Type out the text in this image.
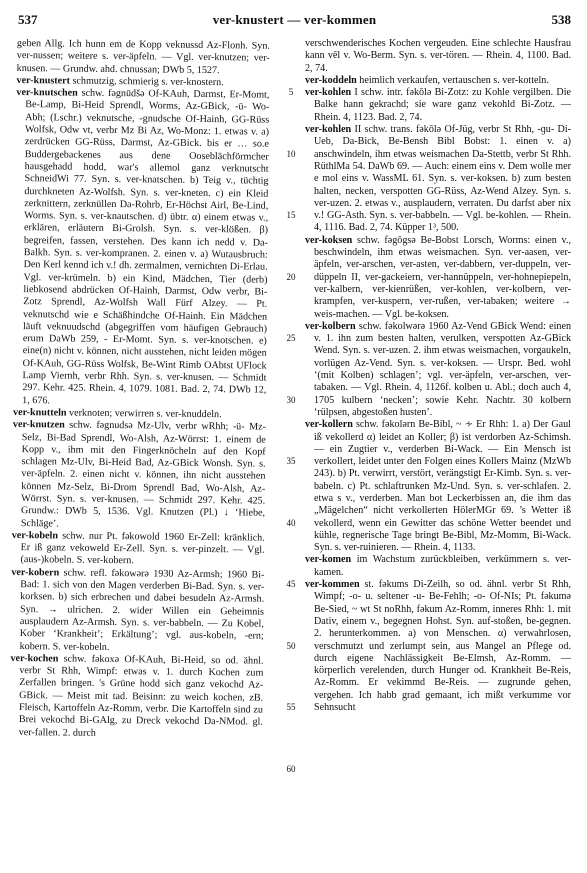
537	ver-knustert — ver-kommen	538

geben Allg. Ich hunn em de Kopp veknussd Az-Flonh. Syn. ver-nussen; weitere s. ver-äpfeln. — Vgl. ver-knutzen; ver-knusen. — Grundw. ahd. chnussan; DWb 5, 1527.

ver-knustert schmutzig, schmierig s. ver-knostern.

ver-knutschen schw. fəgnūdšə Of-KAuh, Darmst, Er-Momt, Be-Lamp, Bi-Heid Sprendl, Worms, Az-GBick, -ū- Wo-Abh; (Lschr.) veknutsche, -gnudsche Of-Hainh, GG-Rüss Wolfsk, Odw vt, verbr Mz Bi Az, Wo-Monz: 1. etwas v. a) zerdrücken GG-Rüss, Darmst, Az-GBick. bis er … so.e Buddergebackenes aus dene Ooseblächförmcher hausgehadd hodd, war's allemol ganz verknutscht SchneidWi 77. Syn. s. ver-knatschen. b) Teig v., tüchtig durchkneten Az-Wolfsh. Syn. s. ver-kneten. c) ein Kleid zerknittern, zerknüllen Da-Rohrb, Er-Höchst Airl, Be-Lind, Worms. Syn. s. ver-knautschen. d) übtr. α) einem etwas v., erklären, erläutern Bi-Grolsh. Syn. s. ver-klößen. β) begreifen, fassen, verstehen. Des kann ich nedd v. Da-Balkh. Syn. s. ver-kompranen. 2. einen v. a) Wutausbruch: Den Kerl kennd ich v.! dh. zermalmen, vernichten Di-Erlau. Vgl. ver-krümeln. b) ein Kind, Mädchen, Tier (derb) liebkosend abdrücken Of-Hainh, Darmst, Odw verbr, Bi-Zotz Sprendl, Az-Wolfsh Wall Fürf Alzey. — Pt. veknutschd wie e Schäßhindche Of-Hainh. Ein Mädchen läuft veknuudschd (abgegriffen vom häufigen Gebrauch) erum DaWb 259, - Er-Momt. Syn. s. ver-knotschen. e) eine(n) nicht v. können, nicht ausstehen, nicht leiden mögen Of-KAuh, GG-Rüss Wolfsk, Be-Wint Rimb OAbtst UFlock Lamp Viernh, verbr Rhh. Syn. s. ver-knusen. — Schmidt 297. Kehr. 425. Rhein. 4, 1079. 1081. Bad. 2, 74. DWb 12, 1, 676.

ver-knutteln verknoten; verwirren s. ver-knuddeln.

ver-knutzen schw. fəgnudsə Mz-Ulv, verbr wRhh; -ü- Mz-Selz, Bi-Bad Sprendl, Wo-Alsh, Az-Wörrst: 1. einem de Kopp v., ihm mit den Fingerknöcheln auf den Kopf schlagen Mz-Ulv, Bi-Heid Bad, Az-GBick Wonsh. Syn. s. ver-äpfeln. 2. einen nicht v. können, ihn nicht ausstehen können Mz-Selz, Bi-Drom Sprendl Bad, Wo-Alsh, Az-Wörrst. Syn. s. ver-knusen. — Schmidt 297. Kehr. 425. Grundw.: DWb 5, 1536. Vgl. Knutzen (Pl.) ↓ ʻHiebe, Schlägeʼ.

ver-kobeln schw. nur Pt. fəkowold 1960 Er-Zell: kränklich. Er iß ganz vekoweld Er-Zell. Syn. s. ver-pinzelt. — Vgl. (aus-)kobeln. S. ver-kobern.

ver-kobern schw. refl. fəkowərə 1930 Az-Armsh; 1960 Bi-Bad: 1. sich von den Magen verderben Bi-Bad. Syn. s. ver-korksen. b) sich erbrechen und dabei besudeln Az-Armsh. Syn. → ulrichen. 2. wider Willen ein Geheimnis ausplaudern Az-Armsh. Syn. s. ver-babbeln. — Zu Kobel, Kober ʻKrankheitʼ; Erkältungʼ; vgl. aus-kobeln, -ern; kobern. S. ver-kobeln.

ver-kochen schw. fəkoxə Of-KAuh, Bi-Heid, so od. ähnl. verbr St Rhh, Wimpf: etwas v. 1. durch Kochen zum Zerfallen bringen. 's Grüne hodd sich ganz vekochd Az-GBick. — Meist mit tad. Beisinn: zu weich kochen, zB. Fleisch, Kartoffeln Az-Romm, verbr. Die Kartoffeln sind zu Brei vekochd Bi-GAlg, zu Dreck vekochd Da-NMod. gl. ver-fallen. 2. durch

5
10
15
20
25
30
35
40
45
50
55
60

verschwenderisches Kochen vergeuden. Eine schlechte Hausfrau kann vēl v. Wo-Berm. Syn. s. ver-tören. — Rhein. 4, 1100. Bad. 2, 74.

ver-koddeln heimlich verkaufen, vertauschen s. ver-kotteln.

ver-kohlen I schw. intr. fəkōlə Bi-Zotz: zu Kohle vergilben. Die Balke hann gekrachd; sie ware ganz vekohld Bi-Zotz. — Rhein. 4, 1123. Bad. 2, 74.

ver-kohlen II schw. trans. fəkōlə Of-Jüg, verbr St Rhh, -ɡu- Di-Ueb, Da-Bick, Be-Bensh Bibl Bobst: 1. einen v. a) anschwindeln, ihm etwas weismachen Da-Stettb, verbr St Rhh. RüthlMa 54. DaWb 69. — Auch: einem eins v. Dem wolle mer e mol eins v. WassML 61. Syn. s. ver-koksen. b) zum besten halten, necken, verspotten GG-Rüss, Az-Wend Alzey. Syn. s. ver-uzen. 2. etwas v., ausplaudern, verraten. Du darfst aber nix v.! GG-Asth. Syn. s. ver-babbeln. — Vgl. be-kohlen. — Rhein. 4, 1116. Bad. 2, 74. Küpper 1³, 500.

ver-koksen schw. fəgōgsə Be-Bobst Lorsch, Worms: einen v., beschwindeln, ihm etwas weismachen. Syn. ver-aasen, ver-äpfeln, ver-arschen, ver-asten, ver-dabbern, ver-duppeln, ver-düppeln II, ver-gackeiern, ver-hannüppeln, ver-hohnepiepeln, ver-kalbern, ver-kienrüßen, ver-kohlen, ver-kolbern, ver-krampfen, ver-kuspern, ver-rußen, ver-tabaken; weitere → weis-machen. — Vgl. be-koksen.

ver-kolbern schw. fəkolwərə 1960 Az-Vend GBick Wend: einen v. 1. ihn zum besten halten, verulken, verspotten Az-GBick Wend. Syn. s. ver-uzen. 2. ihm etwas weismachen, vorgaukeln, vorlügen Az-Vend. Syn. s. ver-koksen. — Urspr. Bed. wohl ʻ(mit Kolben) schlagenʼ; vgl. ver-äpfeln, ver-arschen, ver-tabaken. — Vgl. Rhein. 4, 1126f. kolben u. Abl.; doch auch 4, 1705 kulbern ʻneckenʼ; sowie Kehr. Nachtr. 30 kolbern ʻrülpsen, abgestoßen hustenʼ.

ver-kollern schw. fəkolərn Be-Bibl, ~ ∻ Er Rhh: 1. a) Der Gaul iß vekollerd α) leidet an Koller; β) ist verdorben Az-Schimsh. — ein Zugtier v., verderben Bi-Wack. — Ein Mensch ist verkollert, leidet unter den Folgen eines Kollers Mainz (MzWb 243). b) Pt. verwirrt, verstört, verängstigt Er-Kimb. Syn. s. ver-babeln. c) Pt. schlaftrunken Mz-Und. Syn. s. ver-schlafen. 2. etwa s v., verderben. Man bot Leckerbissen an, die ihm das „Mägelchen“ nicht verkollerten HölerMGr 69. ’s Wetter iß vekollerd, wenn ein Gewitter das schöne Wetter beendet und kühle, regnerische Tage bringt Be-Bibl, Mz-Momm, Bi-Wack. Syn. s. ver-ruinieren. — Rhein. 4, 1133.

ver-komen im Wachstum zurückbleiben, verkümmern s. ver-kamen.

ver-kommen st. fəkums Di-Zeilh, so od. ähnl. verbr St Rhh, Wimpf; -o- u. seltener -u- Be-Fehlh; -o- Of-NIs; Pt. fəkumə Be-Sied, ~ wt St noRhh, fəkum Az-Romm, inneres Rhh: 1. mit Dativ, einem v., begegnen Hohst. Syn. auf-stoßen, be-gegnen. 2. herunterkommen. a) von Menschen. α) verwahrlosen, verschmutzt und zerlumpt sein, aus Mangel an Pflege od. durch eigene Nachlässigkeit Be-Elmsh, Az-Romm. — körperlich verelenden, durch Hunger od. Krankheit Be-Reis, Az-Romm. Er vekimmd Be-Reis. — zugrunde gehen, vergehen. Ich habb grad gemaant, ich mißt verkumme vor Sehnsucht
